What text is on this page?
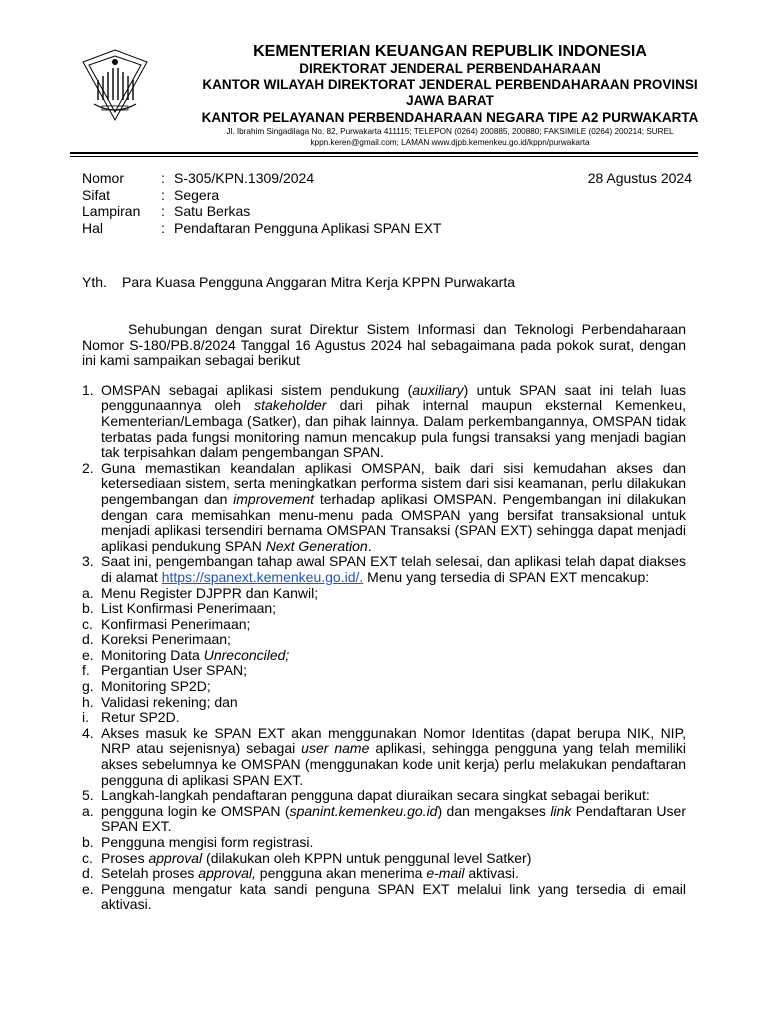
KEMENTERIAN KEUANGAN REPUBLIK INDONESIA
DIREKTORAT JENDERAL PERBENDAHARAAN
KANTOR WILAYAH DIREKTORAT JENDERAL PERBENDAHARAAN PROVINSI
JAWA BARAT
KANTOR PELAYANAN PERBENDAHARAAN NEGARA TIPE A2 PURWAKARTA
Jl. Ibrahim Singadilaga No. 82, Purwakarta 411115; TELEPON (0264) 200885, 200880; FAKSIMILE (0264) 200214; SUREL
kppn.keren@gmail.com; LAMAN www.djpb.kemenkeu.go.id/kppn/purwakarta
Nomor	: S-305/KPN.1309/2024
Sifat	: Segera
Lampiran	: Satu Berkas
Hal	: Pendaftaran Pengguna Aplikasi SPAN EXT
28 Agustus 2024
Yth.	Para Kuasa Pengguna Anggaran Mitra Kerja KPPN Purwakarta

Sehubungan dengan surat Direktur Sistem Informasi dan Teknologi Perbendaharaan Nomor S-180/PB.8/2024 Tanggal 16 Agustus 2024 hal sebagaimana pada pokok surat, dengan ini kami sampaikan sebagai berikut

1. OMSPAN sebagai aplikasi sistem pendukung (auxiliary) untuk SPAN saat ini telah luas penggunaannya oleh stakeholder dari pihak internal maupun eksternal Kemenkeu, Kementerian/Lembaga (Satker), dan pihak lainnya. Dalam perkembangannya, OMSPAN tidak terbatas pada fungsi monitoring namun mencakup pula fungsi transaksi yang menjadi bagian tak terpisahkan dalam pengembangan SPAN.
2. Guna memastikan keandalan aplikasi OMSPAN, baik dari sisi kemudahan akses dan ketersediaan sistem, serta meningkatkan performa sistem dari sisi keamanan, perlu dilakukan pengembangan dan improvement terhadap aplikasi OMSPAN. Pengembangan ini dilakukan dengan cara memisahkan menu-menu pada OMSPAN yang bersifat transaksional untuk menjadi aplikasi tersendiri bernama OMSPAN Transaksi (SPAN EXT) sehingga dapat menjadi aplikasi pendukung SPAN Next Generation.
3. Saat ini, pengembangan tahap awal SPAN EXT telah selesai, dan aplikasi telah dapat diakses di alamat https://spanext.kemenkeu.go.id/. Menu yang tersedia di SPAN EXT mencakup:
a. Menu Register DJPPR dan Kanwil;
b. List Konfirmasi Penerimaan;
c. Konfirmasi Penerimaan;
d. Koreksi Penerimaan;
e. Monitoring Data Unreconciled;
f. Pergantian User SPAN;
g. Monitoring SP2D;
h. Validasi rekening; dan
i. Retur SP2D.
4. Akses masuk ke SPAN EXT akan menggunakan Nomor Identitas (dapat berupa NIK, NIP, NRP atau sejenisnya) sebagai user name aplikasi, sehingga pengguna yang telah memiliki akses sebelumnya ke OMSPAN (menggunakan kode unit kerja) perlu melakukan pendaftaran pengguna di aplikasi SPAN EXT.
5. Langkah-langkah pendaftaran pengguna dapat diuraikan secara singkat sebagai berikut:
a. pengguna login ke OMSPAN (spanint.kemenkeu.go.id) dan mengakses link Pendaftaran User SPAN EXT.
b. Pengguna mengisi form registrasi.
c. Proses approval (dilakukan oleh KPPN untuk penggunal level Satker)
d. Setelah proses approval, pengguna akan menerima e-mail aktivasi.
e. Pengguna mengatur kata sandi penguna SPAN EXT melalui link yang tersedia di email aktivasi.
